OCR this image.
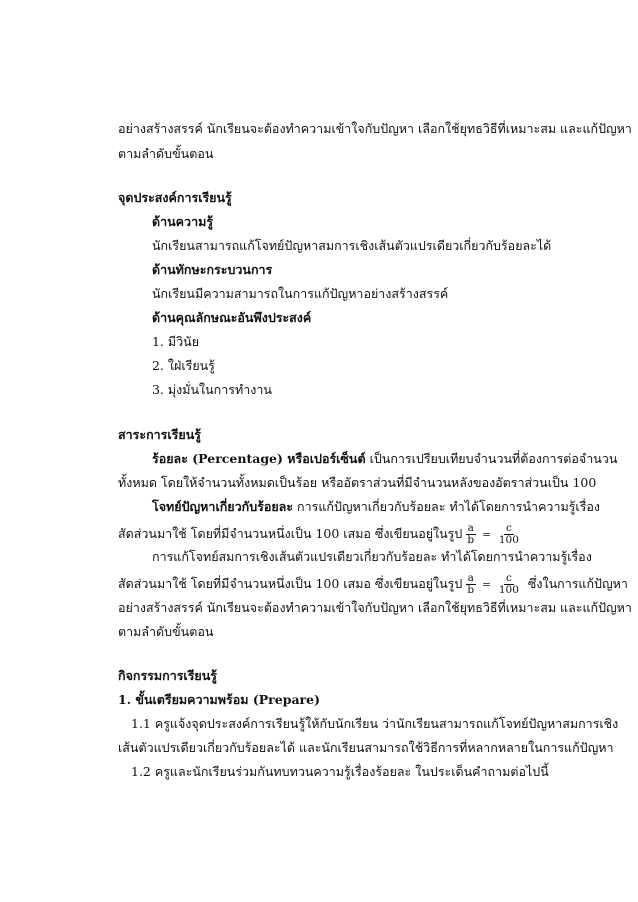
อย่างสร้างสรรค์ นักเรียนจะต้องทำความเข้าใจกับปัญหา เลือกใช้ยุทธวิธีที่เหมาะสม และแก้ปัญหา
ตามลำดับขั้นตอน
จุดประสงค์การเรียนรู้
ด้านความรู้
นักเรียนสามารถแก้โจทย์ปัญหาสมการเชิงเส้นตัวแปรเดียวเกี่ยวกับร้อยละได้
ด้านทักษะกระบวนการ
นักเรียนมีความสามารถในการแก้ปัญหาอย่างสร้างสรรค์
ด้านคุณลักษณะอันพึงประสงค์
1. มีวินัย
2. ใฝ่เรียนรู้
3. มุ่งมั่นในการทำงาน
สาระการเรียนรู้
ร้อยละ (Percentage) หรือเปอร์เซ็นต์ เป็นการเปรียบเทียบจำนวนที่ต้องการต่อจำนวน
ทั้งหมด โดยให้จำนวนทั้งหมดเป็นร้อย หรืออัตราส่วนที่มีจำนวนหลังของอัตราส่วนเป็น 100
โจทย์ปัญหาเกี่ยวกับร้อยละ การแก้ปัญหาเกี่ยวกับร้อยละ ทำได้โดยการนำความรู้เรื่อง
สัดส่วนมาใช้ โดยที่มีจำนวนหนึ่งเป็น 100 เสมอ ซึ่งเขียนอยู่ในรูป $\frac{a}{b} = \frac{c}{100}$
การแก้โจทย์สมการเชิงเส้นตัวแปรเดียวเกี่ยวกับร้อยละ ทำได้โดยการนำความรู้เรื่อง
สัดส่วนมาใช้ โดยที่มีจำนวนหนึ่งเป็น 100 เสมอ ซึ่งเขียนอยู่ในรูป $\frac{a}{b} = \frac{c}{100}$ ซึ่งในการแก้ปัญหา
อย่างสร้างสรรค์ นักเรียนจะต้องทำความเข้าใจกับปัญหา เลือกใช้ยุทธวิธีที่เหมาะสม และแก้ปัญหา
ตามลำดับขั้นตอน
กิจกรรมการเรียนรู้
1. ขั้นเตรียมความพร้อม (Prepare)
1.1 ครูแจ้งจุดประสงค์การเรียนรู้ให้กับนักเรียน ว่านักเรียนสามารถแก้โจทย์ปัญหาสมการเชิง
เส้นตัวแปรเดียวเกี่ยวกับร้อยละได้ และนักเรียนสามารถใช้วิธีการที่หลากหลายในการแก้ปัญหา
1.2 ครูและนักเรียนร่วมกันทบทวนความรู้เรื่องร้อยละ ในประเด็นคำถามต่อไปนี้
